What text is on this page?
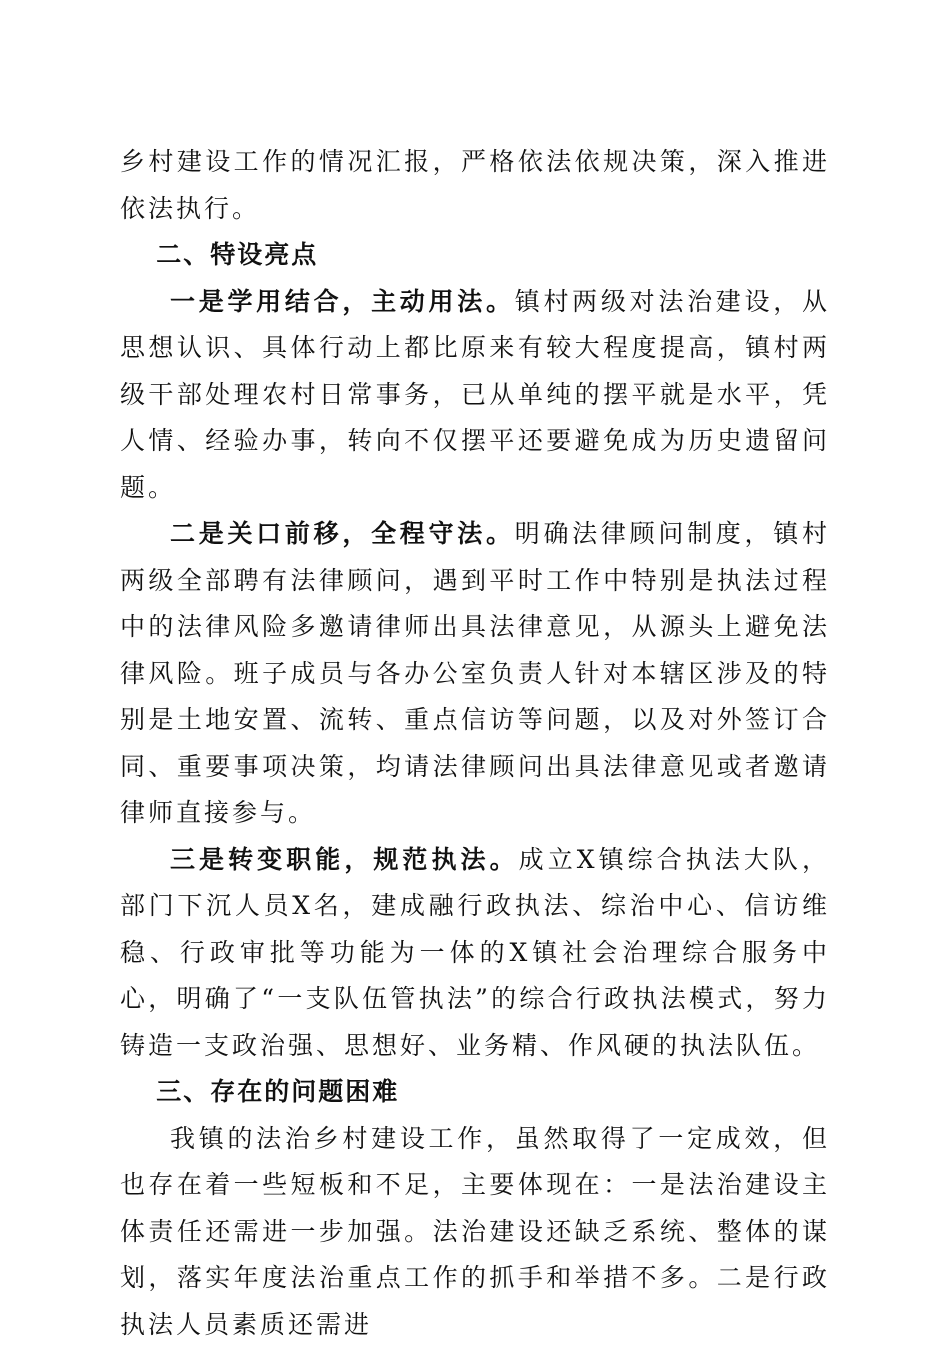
乡村建设工作的情况汇报，严格依法依规决策，深入推进依法执行。

二、特设亮点

一是学用结合，主动用法。镇村两级对法治建设，从思想认识、具体行动上都比原来有较大程度提高，镇村两级干部处理农村日常事务，已从单纯的摆平就是水平，凭人情、经验办事，转向不仅摆平还要避免成为历史遗留问题。

二是关口前移，全程守法。明确法律顾问制度，镇村两级全部聘有法律顾问，遇到平时工作中特别是执法过程中的法律风险多邀请律师出具法律意见，从源头上避免法律风险。班子成员与各办公室负责人针对本辖区涉及的特别是土地安置、流转、重点信访等问题，以及对外签订合同、重要事项决策，均请法律顾问出具法律意见或者邀请律师直接参与。

三是转变职能，规范执法。成立X镇综合执法大队，部门下沉人员X名，建成融行政执法、综治中心、信访维稳、行政审批等功能为一体的X镇社会治理综合服务中心，明确了“一支队伍管执法”的综合行政执法模式，努力铸造一支政治强、思想好、业务精、作风硬的执法队伍。

三、存在的问题困难

我镇的法治乡村建设工作，虽然取得了一定成效，但也存在着一些短板和不足，主要体现在：一是法治建设主体责任还需进一步加强。法治建设还缺乏系统、整体的谋划，落实年度法治重点工作的抓手和举措不多。二是行政执法人员素质还需进
